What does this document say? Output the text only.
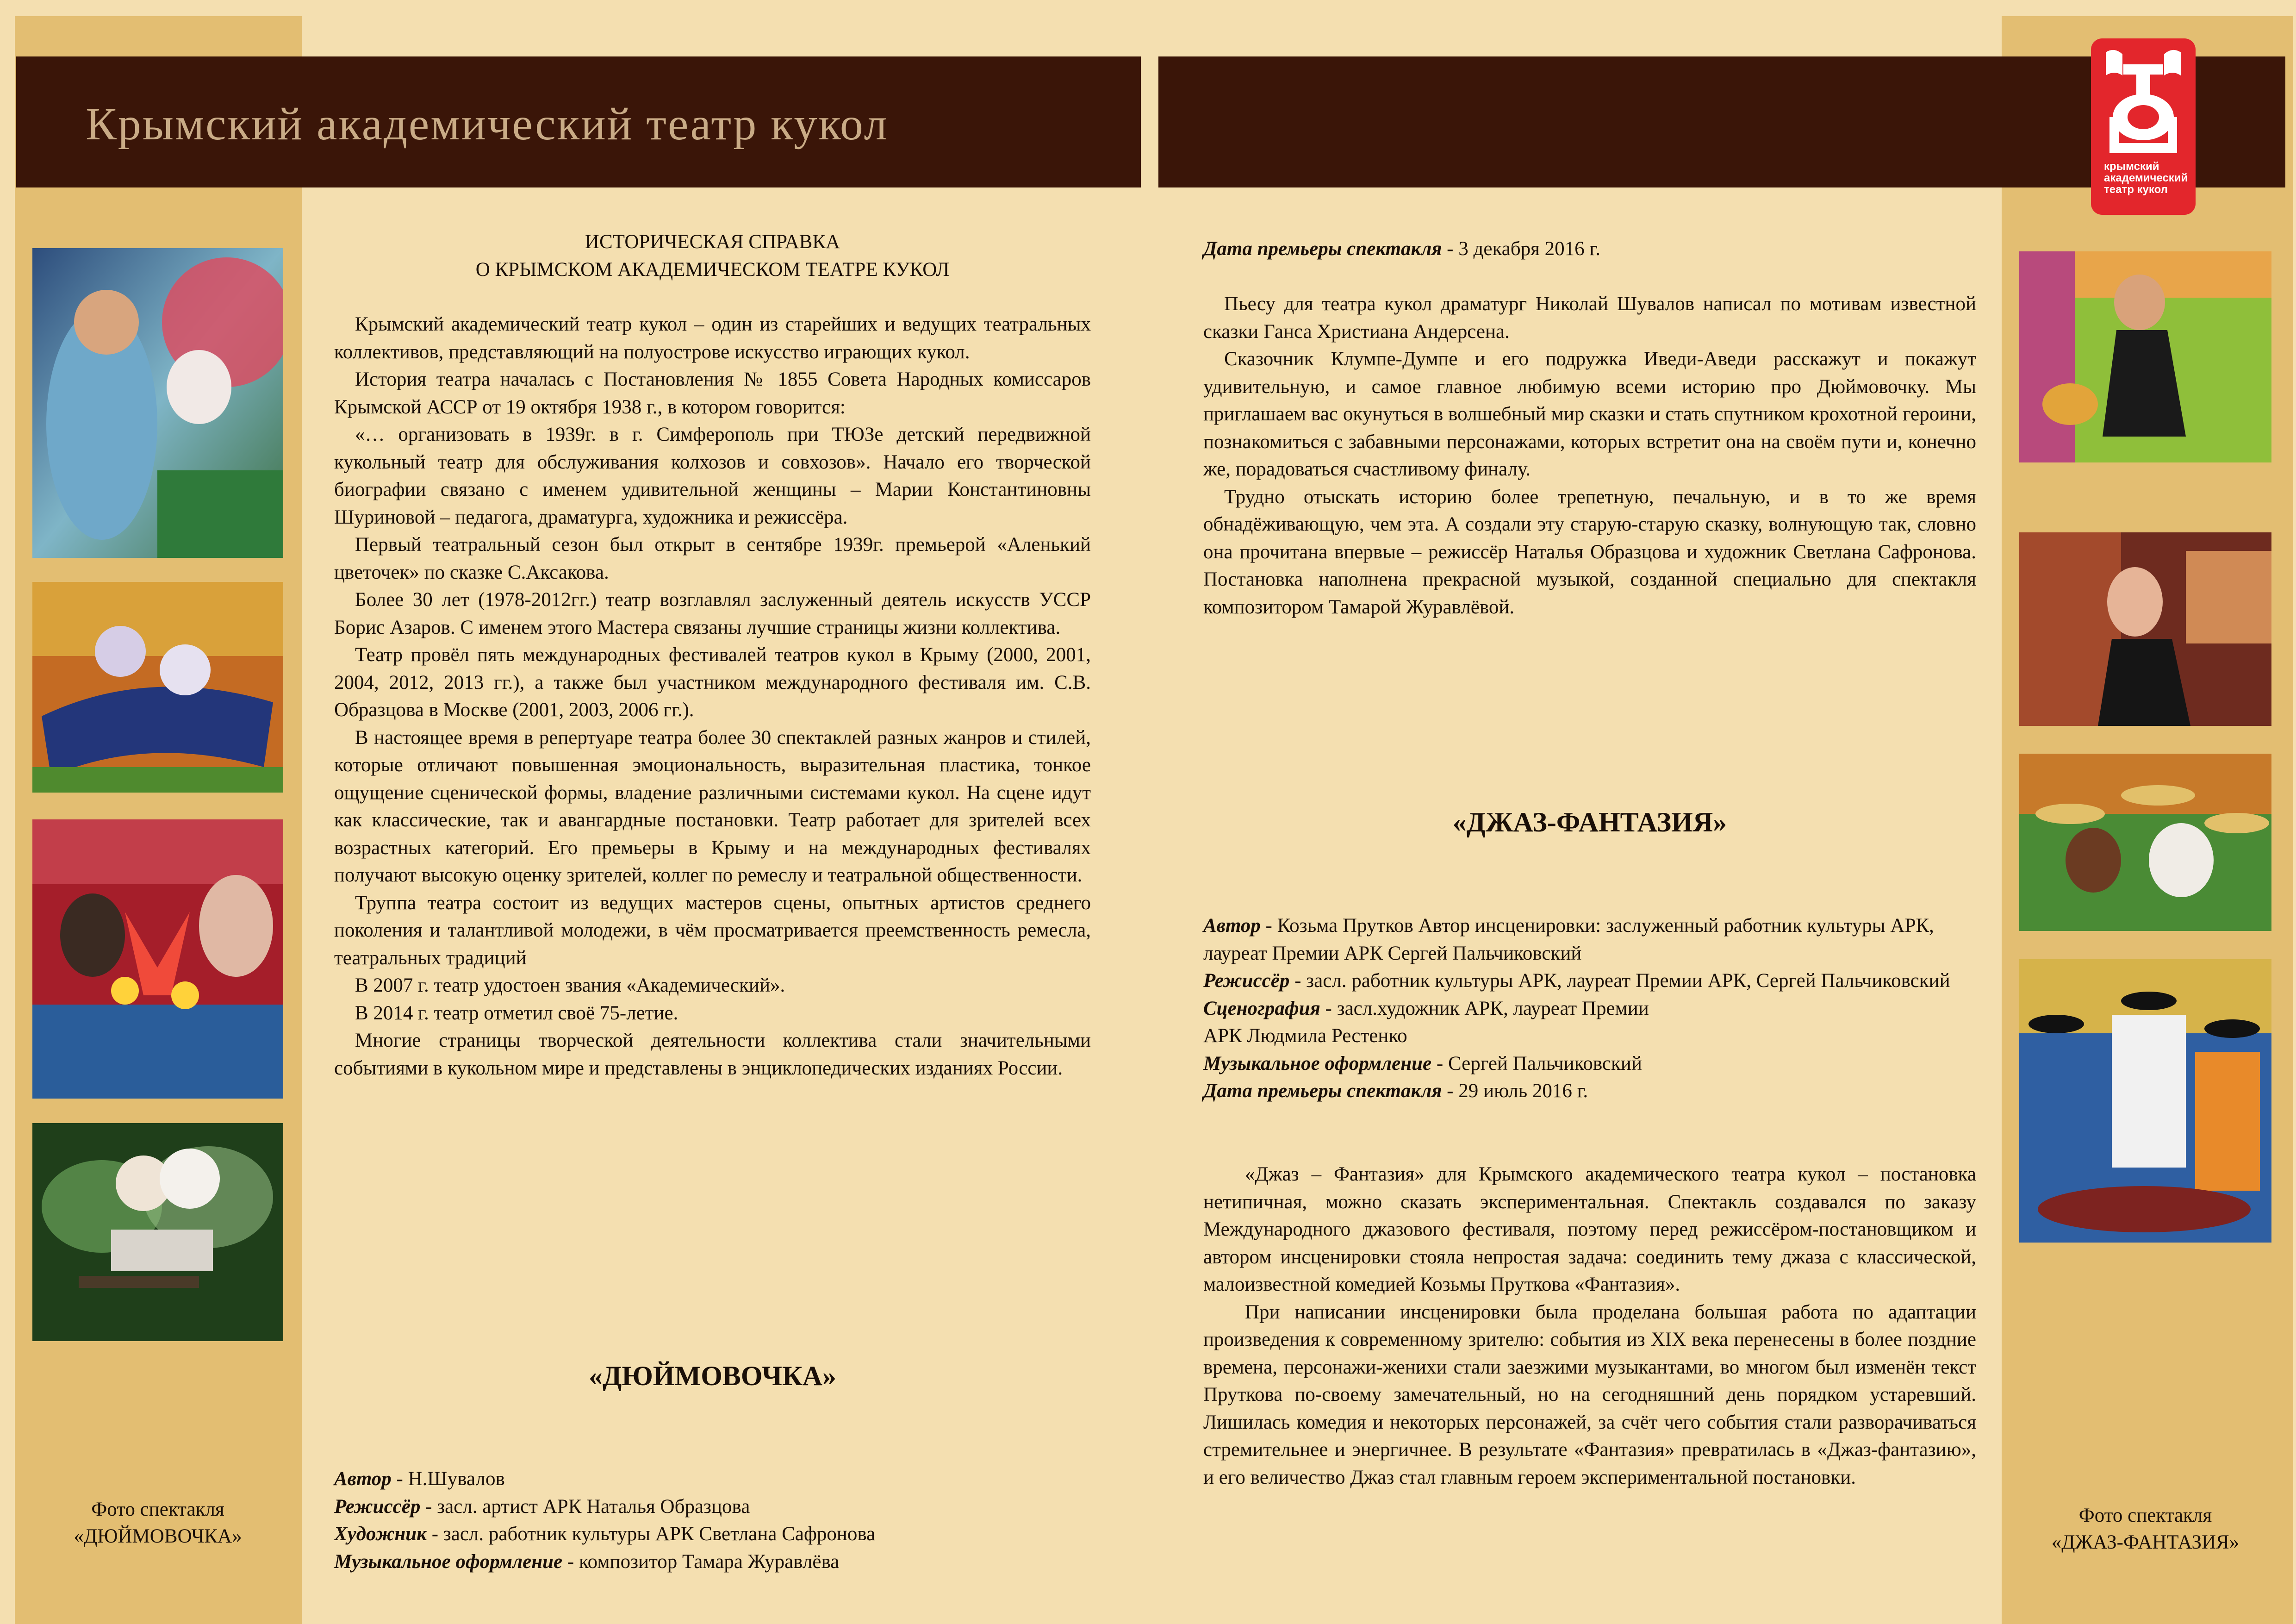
Крымский академический театр кукол
крымский академический театр кукол
Фото спектакля
«ДЮЙМОВОЧКА»
Фото спектакля
«ДЖАЗ-ФАНТАЗИЯ»
ИСТОРИЧЕСКАЯ СПРАВКА
О КРЫМСКОМ АКАДЕМИЧЕСКОМ ТЕАТРЕ КУКОЛ

Крымский академический театр кукол – один из старейших и ведущих театральных коллективов, представляющий на полуострове искусство играющих кукол.

История театра началась с Постановления № 1855 Совета Народных комиссаров Крымской АССР от 19 октября 1938 г., в котором говорится:

«… организовать в 1939г. в г. Симферополь при ТЮЗе детский передвижной кукольный театр для обслуживания колхозов и совхозов». Начало его творческой биографии связано с именем удивительной женщины – Марии Константиновны Шуриновой – педагога, драматурга, художника и режиссёра.

Первый театральный сезон был открыт в сентябре 1939г. премьерой «Аленький цветочек» по сказке С.Аксакова.

Более 30 лет (1978-2012гг.) театр возглавлял заслуженный деятель искусств УССР Борис Азаров. С именем этого Мастера связаны лучшие страницы жизни коллектива.

Театр провёл пять международных фестивалей театров кукол в Крыму (2000, 2001, 2004, 2012, 2013 гг.), а также был участником международного фестиваля им. С.В. Образцова в Москве (2001, 2003, 2006 гг.).

В настоящее время в репертуаре театра более 30 спектаклей разных жанров и стилей, которые отличают повышенная эмоциональность, выразительная пластика, тонкое ощущение сценической формы, владение различными системами кукол. На сцене идут как классические, так и авангардные постановки. Театр работает для зрителей всех возрастных категорий. Его премьеры в Крыму и на международных фестивалях получают высокую оценку зрителей, коллег по ремеслу и театральной общественности.

Труппа театра состоит из ведущих мастеров сцены, опытных артистов среднего поколения и талантливой молодежи, в чём просматривается преемственность ремесла, театральных традиций

В 2007 г. театр удостоен звания «Академический».

В 2014 г. театр отметил своё 75-летие.

Многие страницы творческой деятельности коллектива стали значительными событиями в кукольном мире и представлены в энциклопедических изданиях России.

«ДЮЙМОВОЧКА»
Автор - Н.Шувалов
Режиссёр - засл. артист АРК Наталья Образцова
Художник - засл. работник культуры АРК Светлана Сафронова
Музыкальное оформление - композитор Тамара Журавлёва
Дата премьеры спектакля - 3 декабря 2016 г.

Пьесу для театра кукол драматург Николай Шувалов написал по мотивам известной сказки Ганса Христиана Андерсена.

Сказочник Клумпе-Думпе и его подружка Иведи-Аведи расскажут и покажут удивительную, и самое главное любимую всеми историю про Дюймовочку. Мы приглашаем вас окунуться в волшебный мир сказки и стать спутником крохотной героини, познакомиться с забавными персонажами, которых встретит она на своём пути и, конечно же, порадоваться счастливому финалу.

Трудно отыскать историю более трепетную, печальную, и в то же время обнадёживающую, чем эта. А создали эту старую-старую сказку, волнующую так, словно она прочитана впервые – режиссёр Наталья Образцова и художник Светлана Сафронова. Постановка наполнена прекрасной музыкой, созданной специально для спектакля композитором Тамарой Журавлёвой.

«ДЖАЗ-ФАНТАЗИЯ»
Автор - Козьма Прутков Автор инсценировки: заслуженный работник культуры АРК, лауреат Премии АРК Сергей Пальчиковский
Режиссёр - засл. работник культуры АРК, лауреат Премии АРК, Сергей Пальчиковский
Сценография - засл.художник АРК, лауреат Премии АРК Людмила Рестенко
Музыкальное оформление - Сергей Пальчиковский
Дата премьеры спектакля - 29 июль 2016 г.

«Джаз – Фантазия» для Крымского академического театра кукол – постановка нетипичная, можно сказать экспериментальная. Спектакль создавался по заказу Международного джазового фестиваля, поэтому перед режиссёром-постановщиком и автором инсценировки стояла непростая задача: соединить тему джаза с классической, малоизвестной комедией Козьмы Пруткова «Фантазия».

При написании инсценировки была проделана большая работа по адаптации произведения к современному зрителю: события из XIX века перенесены в более поздние времена, персонажи-женихи стали заезжими музыкантами, во многом был изменён текст Пруткова по-своему замечательный, но на сегодняшний день порядком устаревший. Лишилась комедия и некоторых персонажей, за счёт чего события стали разворачиваться стремительнее и энергичнее. В результате «Фантазия» превратилась в «Джаз-фантазию», и его величество Джаз стал главным героем экспериментальной постановки.
